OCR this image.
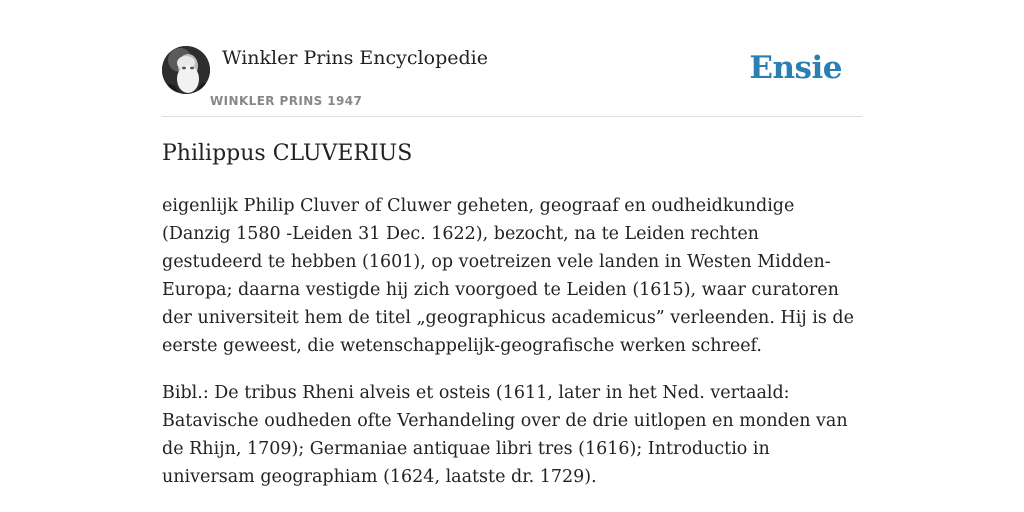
Winkler Prins Encyclopedie
WINKLER PRINS 1947
Ensie
Philippus CLUVERIUS

eigenlijk Philip Cluver of Cluwer geheten, geograaf en oudheidkundige (Danzig 1580 -Leiden 31 Dec. 1622), bezocht, na te Leiden rechten gestudeerd te hebben (1601), op voetreizen vele landen in Westen Midden-Europa; daarna vestigde hij zich voorgoed te Leiden (1615), waar curatoren der universiteit hem de titel „geographicus academicus” verleenden. Hij is de eerste geweest, die wetenschappelijk-geografische werken schreef.

Bibl.: De tribus Rheni alveis et osteis (1611, later in het Ned. vertaald: Batavische oudheden ofte Verhandeling over de drie uitlopen en monden van de Rhijn, 1709); Germaniae antiquae libri tres (1616); Introductio in universam geographiam (1624, laatste dr. 1729).
